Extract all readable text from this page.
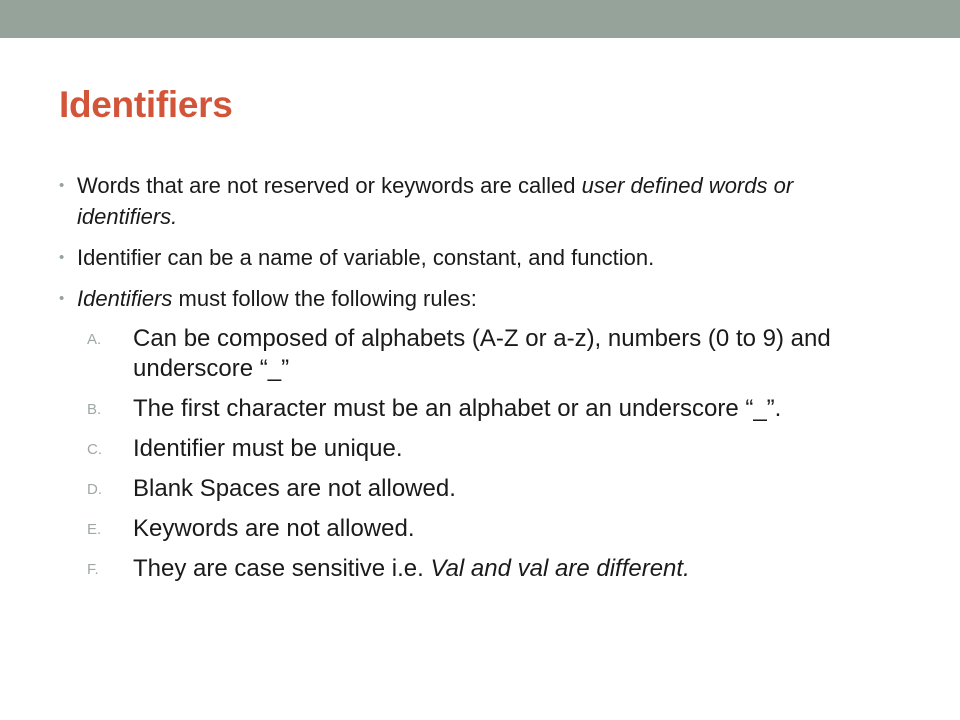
Identifiers
• Words that are not reserved or keywords are called user defined words or identifiers.
• Identifier can be a name of variable, constant, and function.
• Identifiers must follow the following rules:
A. Can be composed of alphabets (A-Z or a-z), numbers (0 to 9) and underscore “_”
B. The first character must be an alphabet or an underscore “_”.
C. Identifier must be unique.
D. Blank Spaces are not allowed.
E. Keywords are not allowed.
F. They are case sensitive i.e. Val and val are different.
